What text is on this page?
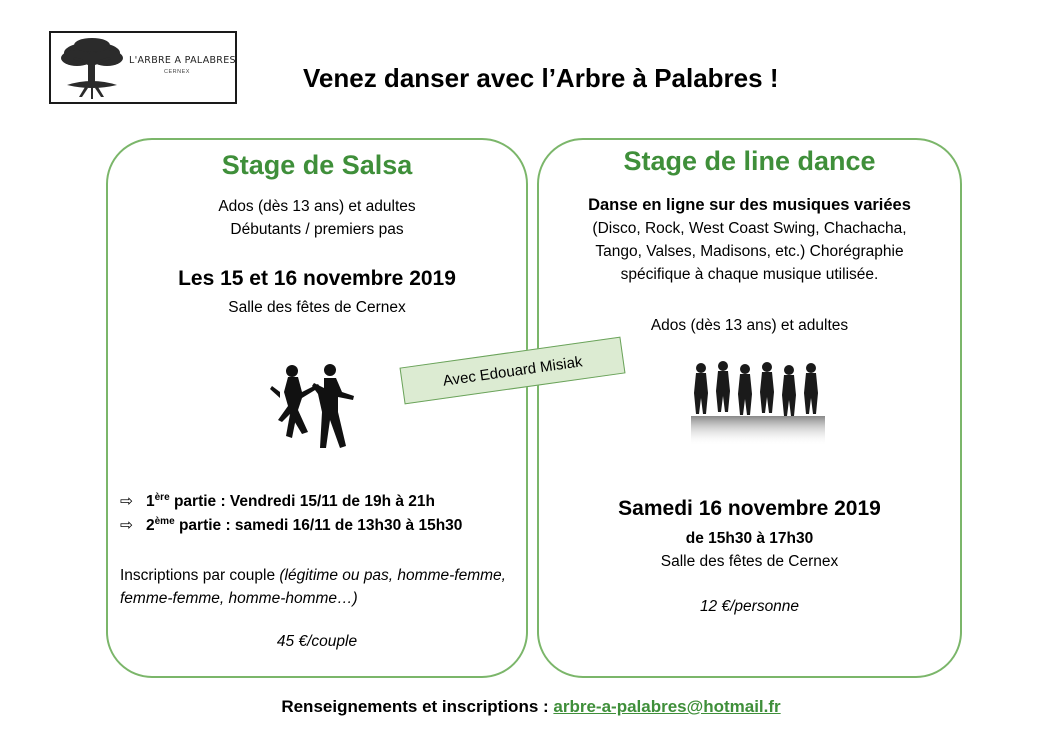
L'ARBRE A PALABRES
CERNEX	Venez danser avec l’Arbre à Palabres !
Stage de Salsa
Ados (dès 13 ans) et adultes
Débutants / premiers pas
Les 15 et 16 novembre 2019
Salle des fêtes de Cernex
⇨ 1ère partie : Vendredi 15/11 de 19h à 21h
⇨ 2ème partie : samedi 16/11 de 13h30 à 15h30
Inscriptions par couple (légitime ou pas, homme-femme, femme-femme, homme-homme…)
45 €/couple
Stage de line dance
Danse en ligne sur des musiques variées
(Disco, Rock, West Coast Swing, Chachacha,
Tango, Valses, Madisons, etc.) Chorégraphie
spécifique à chaque musique utilisée.
Ados (dès 13 ans) et adultes
Samedi 16 novembre 2019
de 15h30 à 17h30
Salle des fêtes de Cernex
12 €/personne
Avec Edouard Misiak
Renseignements et inscriptions : arbre-a-palabres@hotmail.fr
